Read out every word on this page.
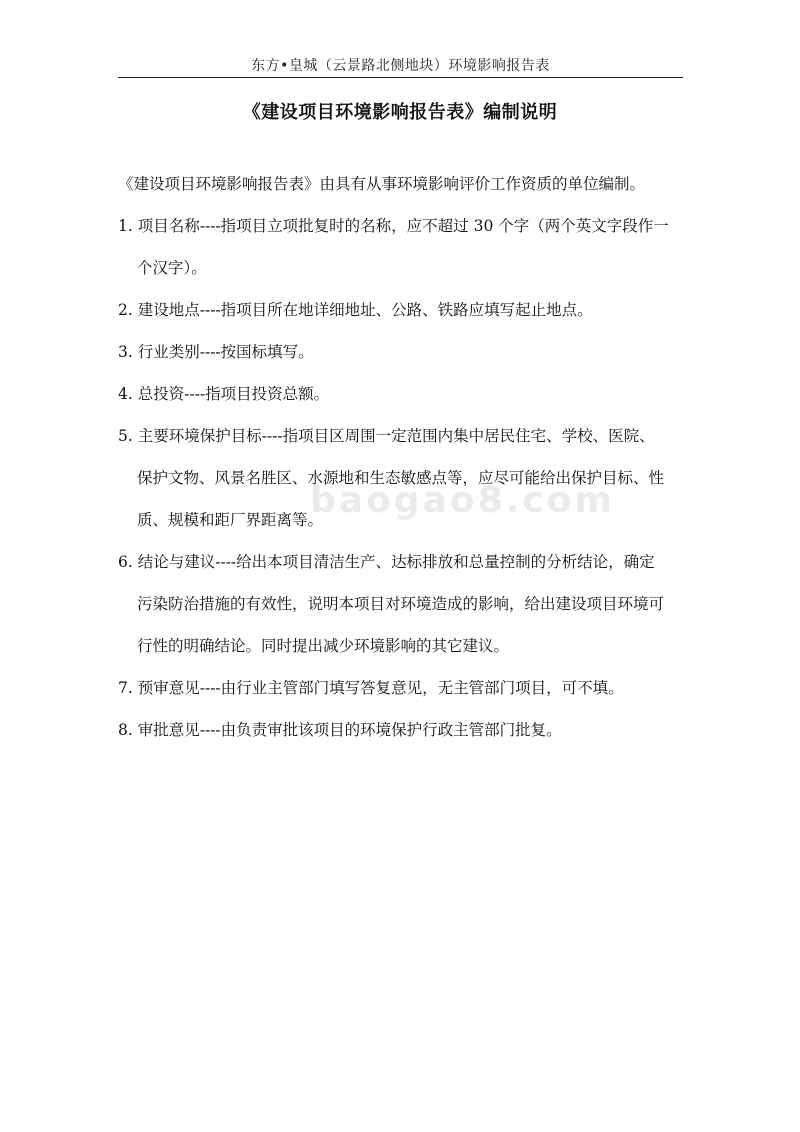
东方•皇城（云景路北侧地块）环境影响报告表
《建设项目环境影响报告表》编制说明
baogao8.com
《建设项目环境影响报告表》由具有从事环境影响评价工作资质的单位编制。
1. 项目名称----指项目立项批复时的名称，应不超过 30 个字（两个英文字段作一
个汉字）。
2. 建设地点----指项目所在地详细地址、公路、铁路应填写起止地点。
3. 行业类别----按国标填写。
4. 总投资----指项目投资总额。
5. 主要环境保护目标----指项目区周围一定范围内集中居民住宅、学校、医院、
保护文物、风景名胜区、水源地和生态敏感点等，应尽可能给出保护目标、性
质、规模和距厂界距离等。
6. 结论与建议----给出本项目清洁生产、达标排放和总量控制的分析结论，确定
污染防治措施的有效性，说明本项目对环境造成的影响，给出建设项目环境可
行性的明确结论。同时提出减少环境影响的其它建议。
7. 预审意见----由行业主管部门填写答复意见，无主管部门项目，可不填。
8. 审批意见----由负责审批该项目的环境保护行政主管部门批复。
